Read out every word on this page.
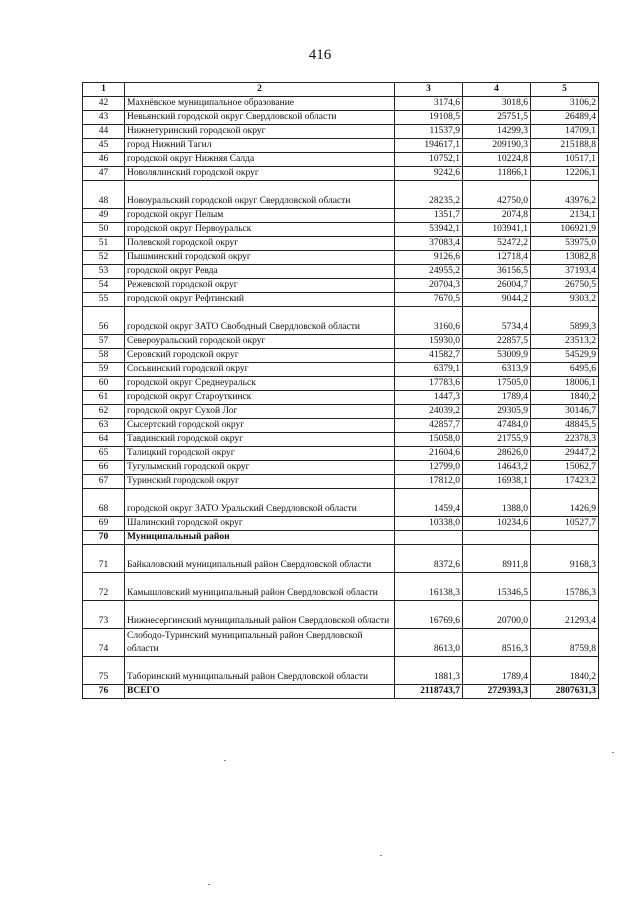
416
1	2	3	4	5
42	Махнёвское муниципальное образование	3174,6	3018,6	3106,2
43	Невьянский городской округ Свердловской области	19108,5	25751,5	26489,4
44	Нижнетуринский городской округ	11537,9	14299,3	14709,1
45	город Нижний Тагил	194617,1	209190,3	215188,8
46	городской округ Нижняя Салда	10752,1	10224,8	10517,1
47	Новолялинский городской округ	9242,6	11866,1	12206,1
48	Новоуральский городской округ Свердловской области	28235,2	42750,0	43976,2
49	городской округ Пелым	1351,7	2074,8	2134,1
50	городской округ Первоуральск	53942,1	103941,1	106921,9
51	Полевской городской округ	37083,4	52472,2	53975,0
52	Пышминский городской округ	9126,6	12718,4	13082,8
53	городской округ Ревда	24955,2	36156,5	37193,4
54	Режевской городской округ	20704,3	26004,7	26750,5
55	городской округ Рефтинский	7670,5	9044,2	9303,2
56	городской округ ЗАТО Свободный Свердловской области	3160,6	5734,4	5899,3
57	Североуральский городской округ	15930,0	22857,5	23513,2
58	Серовский городской округ	41582,7	53009,9	54529,9
59	Сосьвинский городской округ	6379,1	6313,9	6495,6
60	городской округ Среднеуральск	17783,6	17505,0	18006,1
61	городской округ Староуткинск	1447,3	1789,4	1840,2
62	городской округ Сухой Лог	24039,2	29305,9	30146,7
63	Сысертский городской округ	42857,7	47484,0	48845,5
64	Тавдинский городской округ	15058,0	21755,9	22378,3
65	Талицкий городской округ	21604,6	28626,0	29447,2
66	Тугулымский городской округ	12799,0	14643,2	15062,7
67	Туринский городской округ	17812,0	16938,1	17423,2
68	городской округ ЗАТО Уральский Свердловской области	1459,4	1388,0	1426,9
69	Шалинский городской округ	10338,0	10234,6	10527,7
70	Муниципальный район			
71	Байкаловский муниципальный район Свердловской области	8372,6	8911,8	9168,3
72	Камышловский муниципальный район Свердловской области	16138,3	15346,5	15786,3
73	Нижнесергинский муниципальный район Свердловской области	16769,6	20700,0	21293,4
74	Слободо-Туринский муниципальный район Свердловской области	8613,0	8516,3	8759,8
75	Таборинский муниципальный район Свердловской области	1881,3	1789,4	1840,2
76	ВСЕГО	2118743,7	2729393,3	2807631,3
